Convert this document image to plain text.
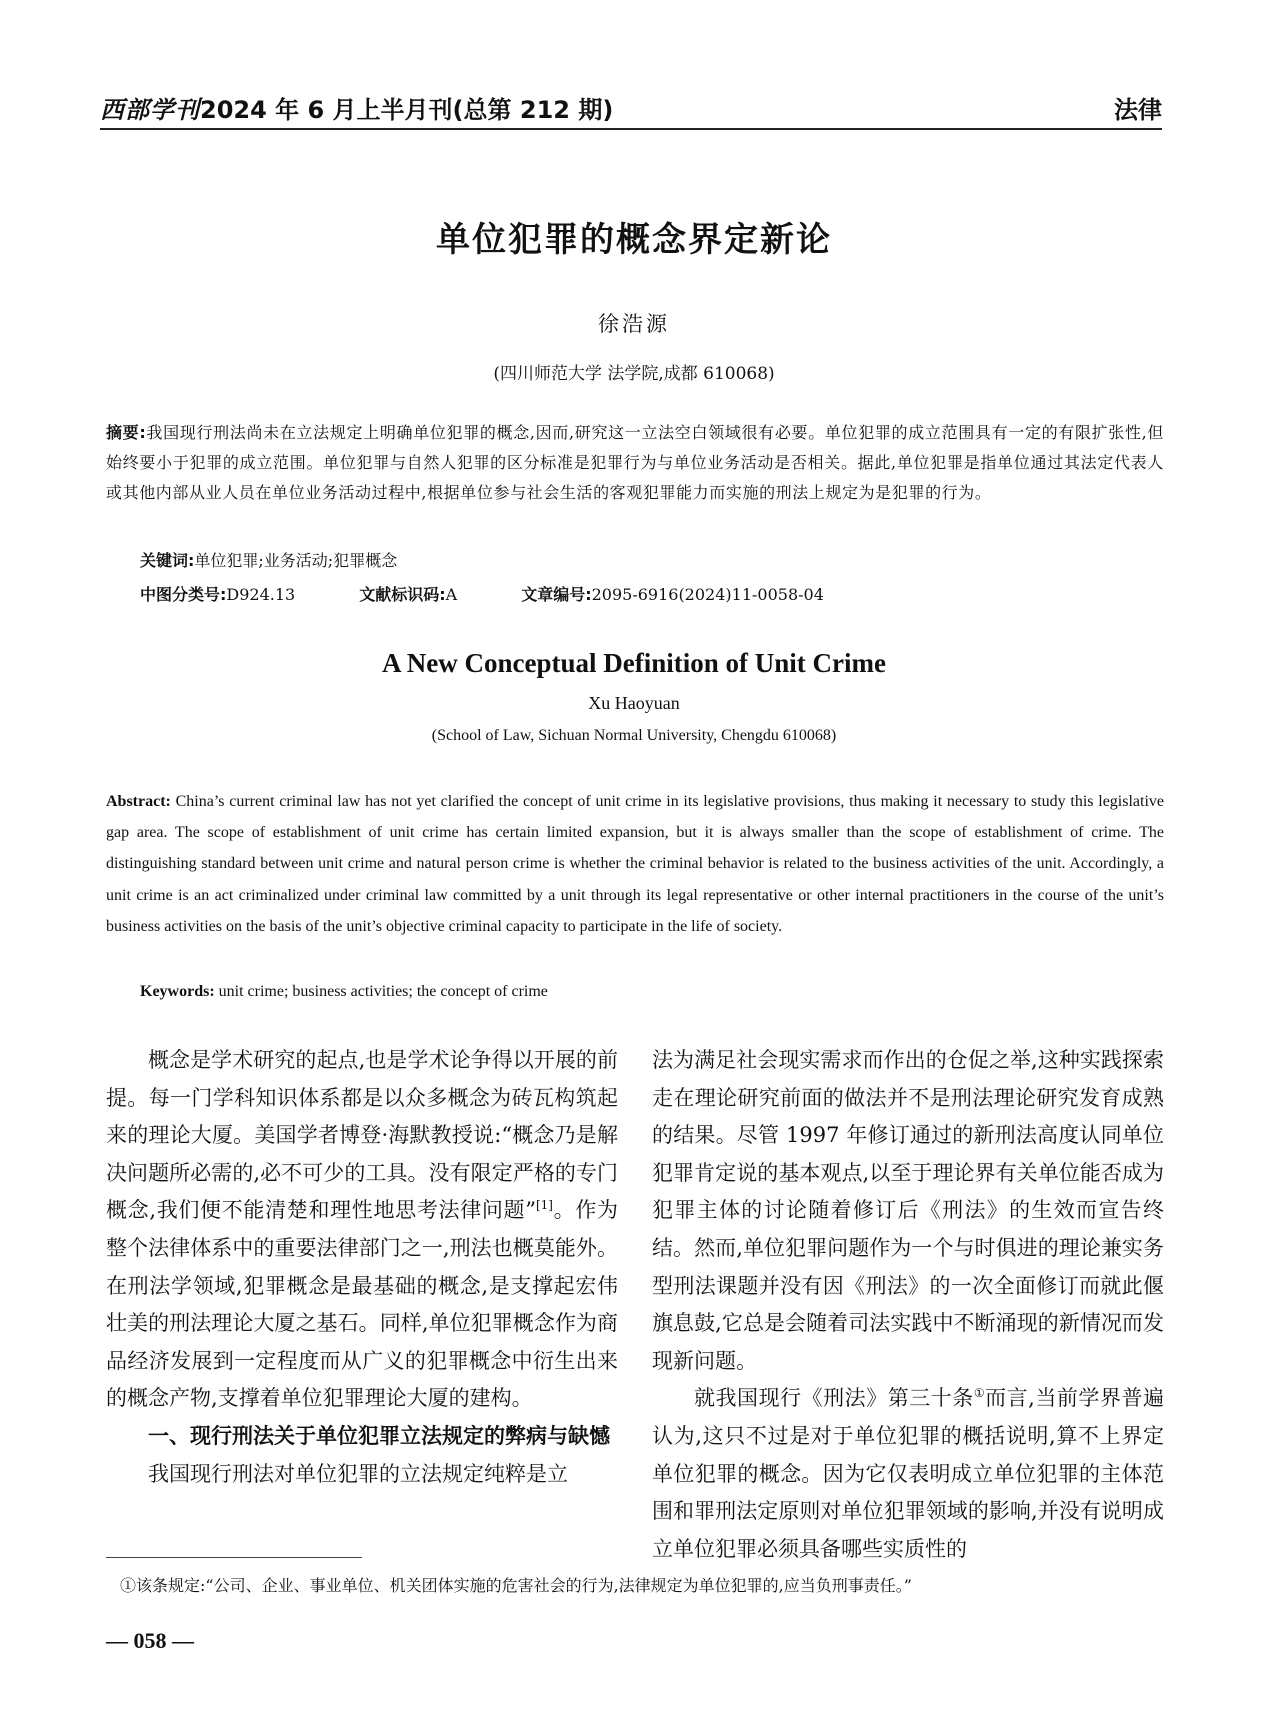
西部学刊2024 年 6 月上半月刊(总第 212 期)	法律
单位犯罪的概念界定新论
徐浩源
(四川师范大学 法学院,成都 610068)
摘要:我国现行刑法尚未在立法规定上明确单位犯罪的概念,因而,研究这一立法空白领域很有必要。单位犯罪的成立范围具有一定的有限扩张性,但始终要小于犯罪的成立范围。单位犯罪与自然人犯罪的区分标准是犯罪行为与单位业务活动是否相关。据此,单位犯罪是指单位通过其法定代表人或其他内部从业人员在单位业务活动过程中,根据单位参与社会生活的客观犯罪能力而实施的刑法上规定为是犯罪的行为。
关键词:单位犯罪;业务活动;犯罪概念
中图分类号:D924.13	文献标识码:A	文章编号:2095-6916(2024)11-0058-04
A New Conceptual Definition of Unit Crime
Xu Haoyuan
(School of Law, Sichuan Normal University, Chengdu 610068)
Abstract: China’s current criminal law has not yet clarified the concept of unit crime in its legislative provisions, thus making it necessary to study this legislative gap area. The scope of establishment of unit crime has certain limited expansion, but it is always smaller than the scope of establishment of crime. The distinguishing standard between unit crime and natural person crime is whether the criminal behavior is related to the business activities of the unit. Accordingly, a unit crime is an act criminalized under criminal law committed by a unit through its legal representative or other internal practitioners in the course of the unit’s business activities on the basis of the unit’s objective criminal capacity to participate in the life of society.
Keywords: unit crime; business activities; the concept of crime

概念是学术研究的起点,也是学术论争得以开展的前提。每一门学科知识体系都是以众多概念为砖瓦构筑起来的理论大厦。美国学者博登·海默教授说:“概念乃是解决问题所必需的,必不可少的工具。没有限定严格的专门概念,我们便不能清楚和理性地思考法律问题”[1]。作为整个法律体系中的重要法律部门之一,刑法也概莫能外。在刑法学领域,犯罪概念是最基础的概念,是支撑起宏伟壮美的刑法理论大厦之基石。同样,单位犯罪概念作为商品经济发展到一定程度而从广义的犯罪概念中衍生出来的概念产物,支撑着单位犯罪理论大厦的建构。

一、现行刑法关于单位犯罪立法规定的弊病与缺憾

我国现行刑法对单位犯罪的立法规定纯粹是立

法为满足社会现实需求而作出的仓促之举,这种实践探索走在理论研究前面的做法并不是刑法理论研究发育成熟的结果。尽管 1997 年修订通过的新刑法高度认同单位犯罪肯定说的基本观点,以至于理论界有关单位能否成为犯罪主体的讨论随着修订后《刑法》的生效而宣告终结。然而,单位犯罪问题作为一个与时俱进的理论兼实务型刑法课题并没有因《刑法》的一次全面修订而就此偃旗息鼓,它总是会随着司法实践中不断涌现的新情况而发现新问题。

就我国现行《刑法》第三十条①而言,当前学界普遍认为,这只不过是对于单位犯罪的概括说明,算不上界定单位犯罪的概念。因为它仅表明成立单位犯罪的主体范围和罪刑法定原则对单位犯罪领域的影响,并没有说明成立单位犯罪必须具备哪些实质性的

①该条规定:“公司、企业、事业单位、机关团体实施的危害社会的行为,法律规定为单位犯罪的,应当负刑事责任。”
— 058 —
